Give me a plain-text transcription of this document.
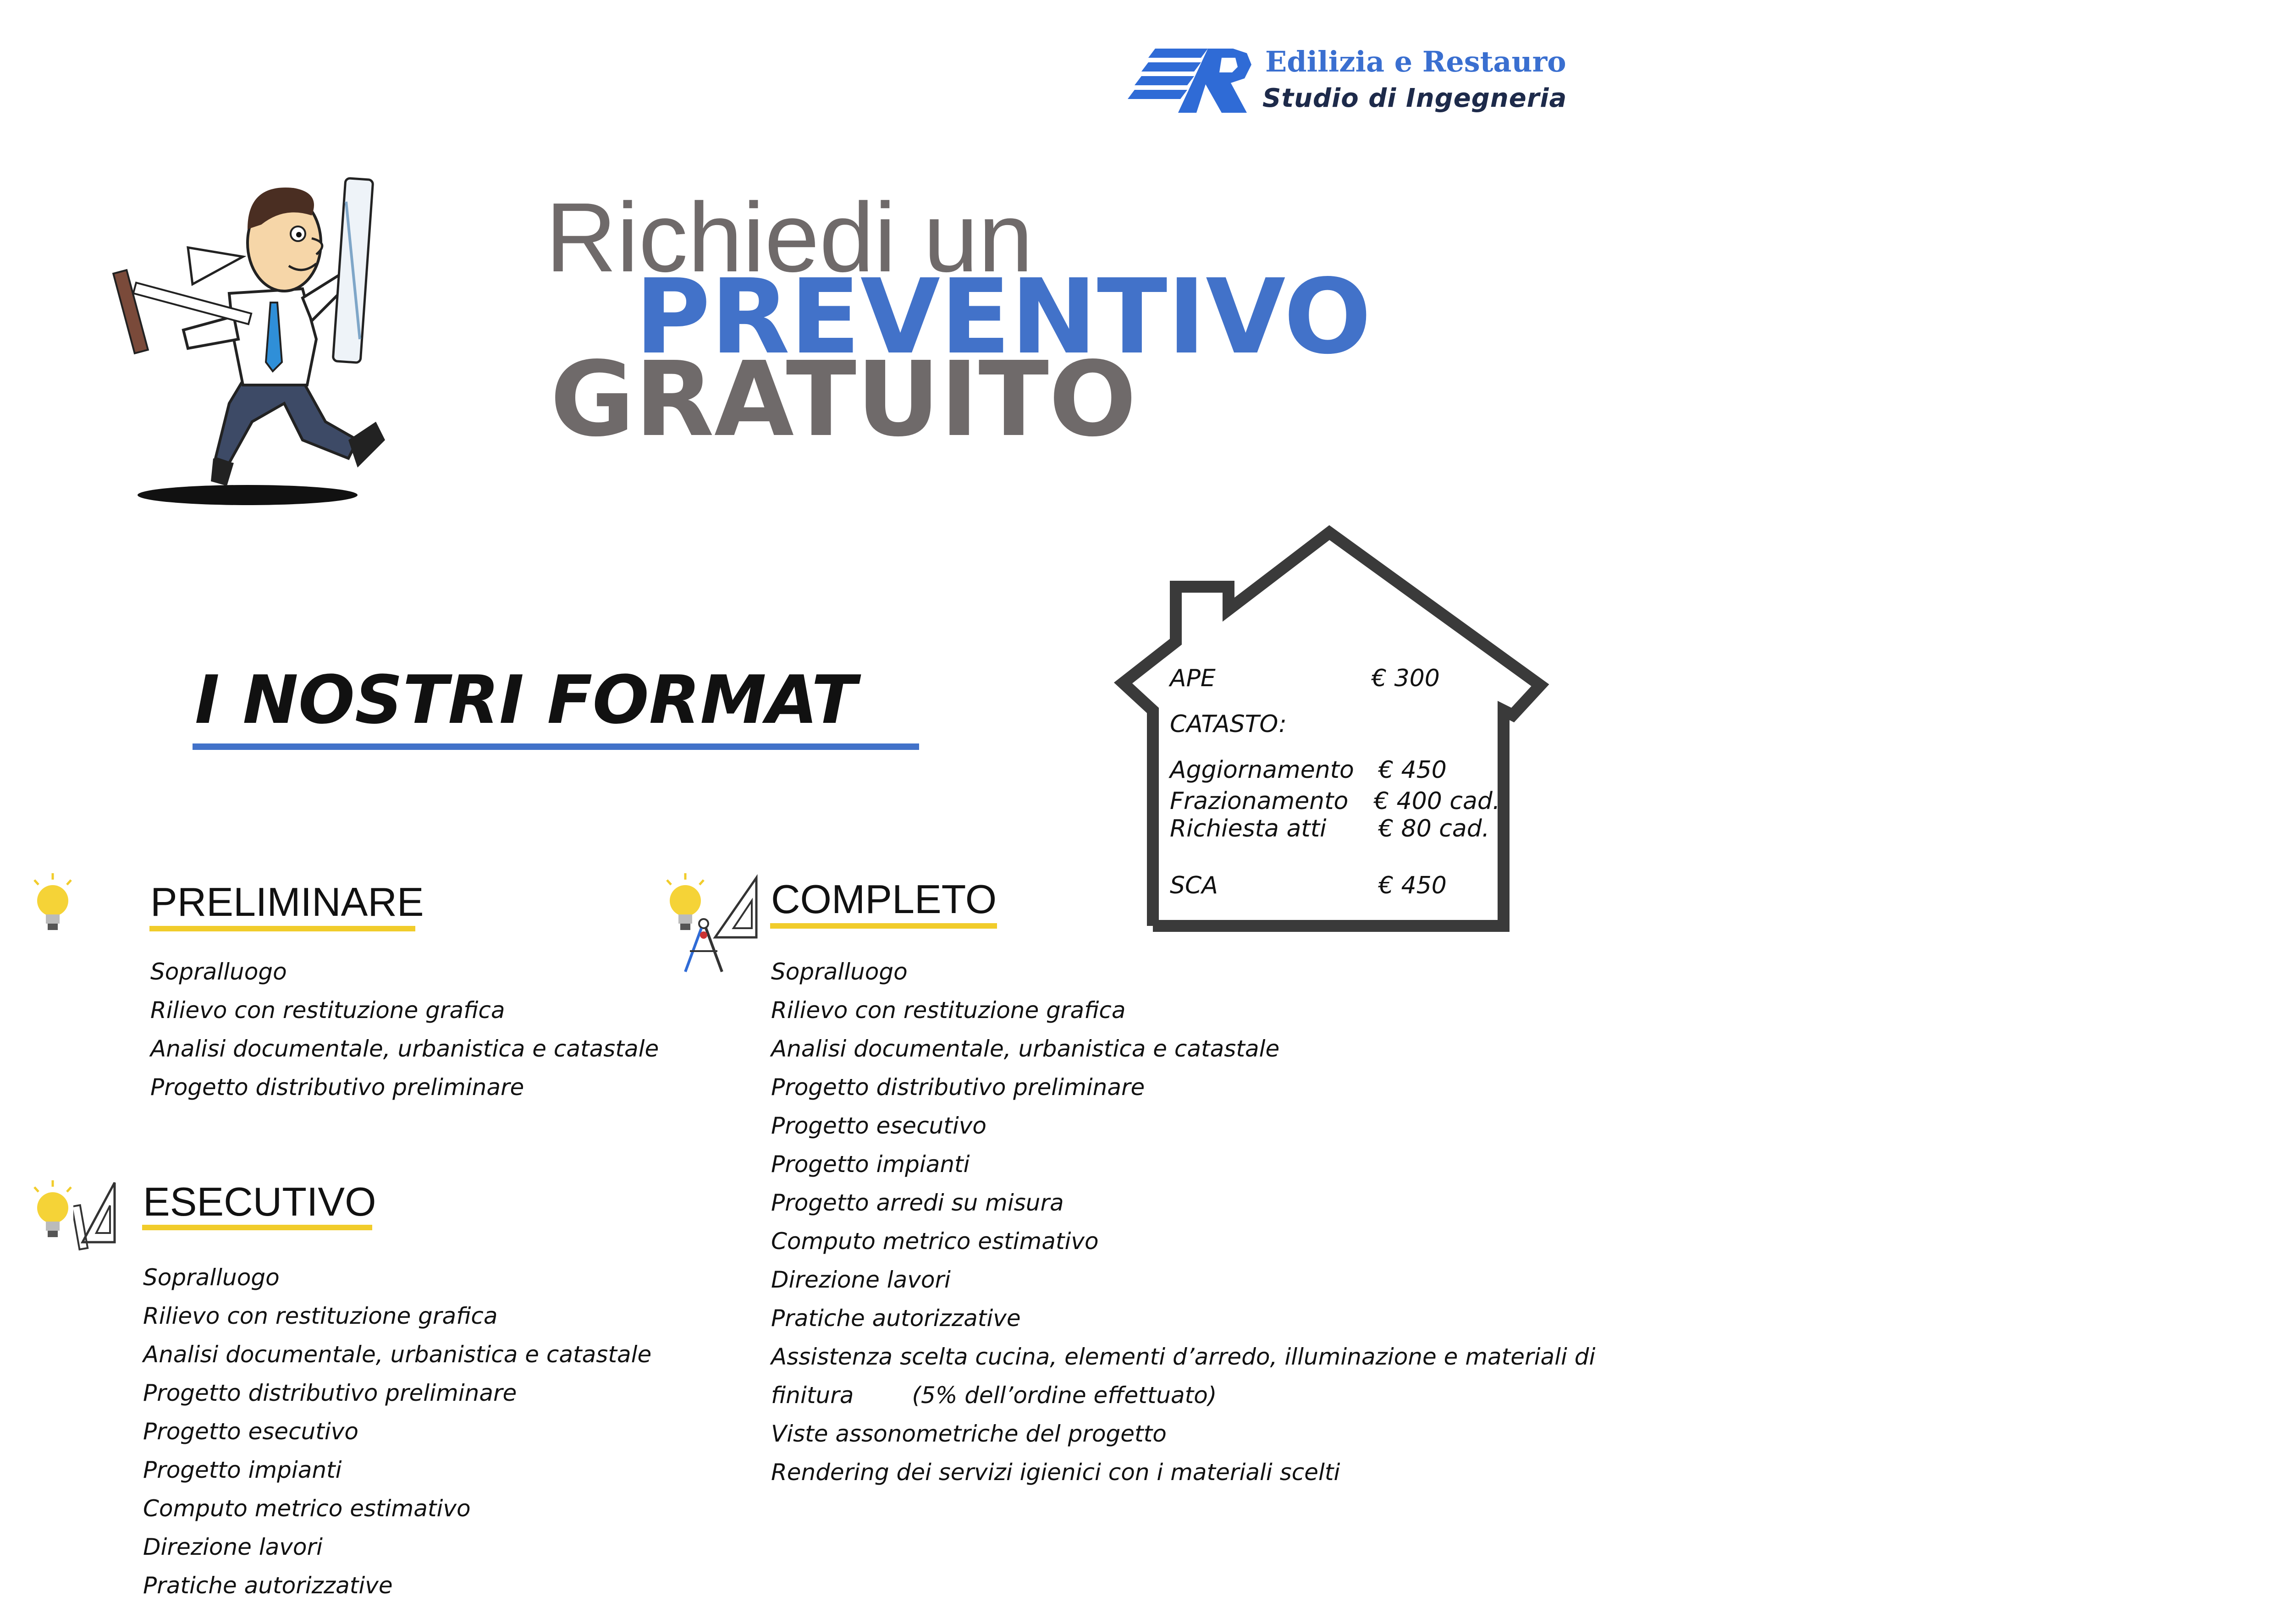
Edilizia e Restauro
Studio di Ingegneria
Richiedi un
PREVENTIVO
GRATUITO
I NOSTRI FORMAT	APE	€ 300
CATASTO:
Aggiornamento € 450
Frazionamento € 400 cad.
Richiesta atti € 80 cad.
SCA	€ 450
PRELIMINARE
Sopralluogo
Rilievo con restituzione grafica
Analisi documentale, urbanistica e catastale
Progetto distributivo preliminare
ESECUTIVO
Sopralluogo
Rilievo con restituzione grafica
Analisi documentale, urbanistica e catastale
Progetto distributivo preliminare
Progetto esecutivo
Progetto impianti
Computo metrico estimativo
Direzione lavori
Pratiche autorizzative
COMPLETO
Sopralluogo
Rilievo con restituzione grafica
Analisi documentale, urbanistica e catastale
Progetto distributivo preliminare
Progetto esecutivo
Progetto impianti
Progetto arredi su misura
Computo metrico estimativo
Direzione lavori
Pratiche autorizzative
Assistenza scelta cucina, elementi d’arredo, illuminazione e materiali di
finitura        (5% dell’ordine effettuato)
Viste assonometriche del progetto
Rendering dei servizi igienici con i materiali scelti
